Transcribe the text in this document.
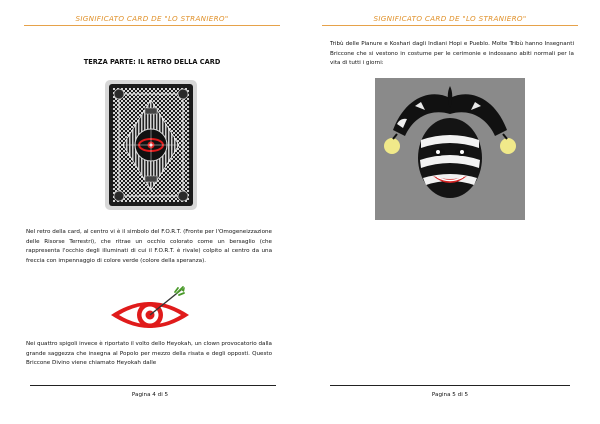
SIGNIFICATO CARD DE "LO STRANIERO"
TERZA PARTE: IL RETRO DELLA CARD
Nel retro della card, al centro vi è il simbolo del F.O.R.T. (Fronte per l'Omogeneizzazione delle Risorse Terrestri), che ritrae un occhio colorato come un bersaglio (che rappresenta l'occhio degli illuminati di cui il F.O.R.T. è rivale) colpito al centro da una freccia con impennaggio di colore verde (colore della speranza).
Nei quattro spigoli invece è riportato il volto dello Heyokah, un clown provocatorio dalla grande saggezza che insegna al Popolo per mezzo della risata e degli opposti. Questo Briccone Divino viene chiamato Heyokah dalle
Pagina 4 di 5
SIGNIFICATO CARD DE "LO STRANIERO"
Tribù delle Pianure e Koshari dagli Indiani Hopi e Pueblo. Molte Tribù hanno Insegnanti Briccone che si vestono in costume per le cerimonie e indossano abiti normali per la vita di tutti i giorni:
Pagina 5 di 5
